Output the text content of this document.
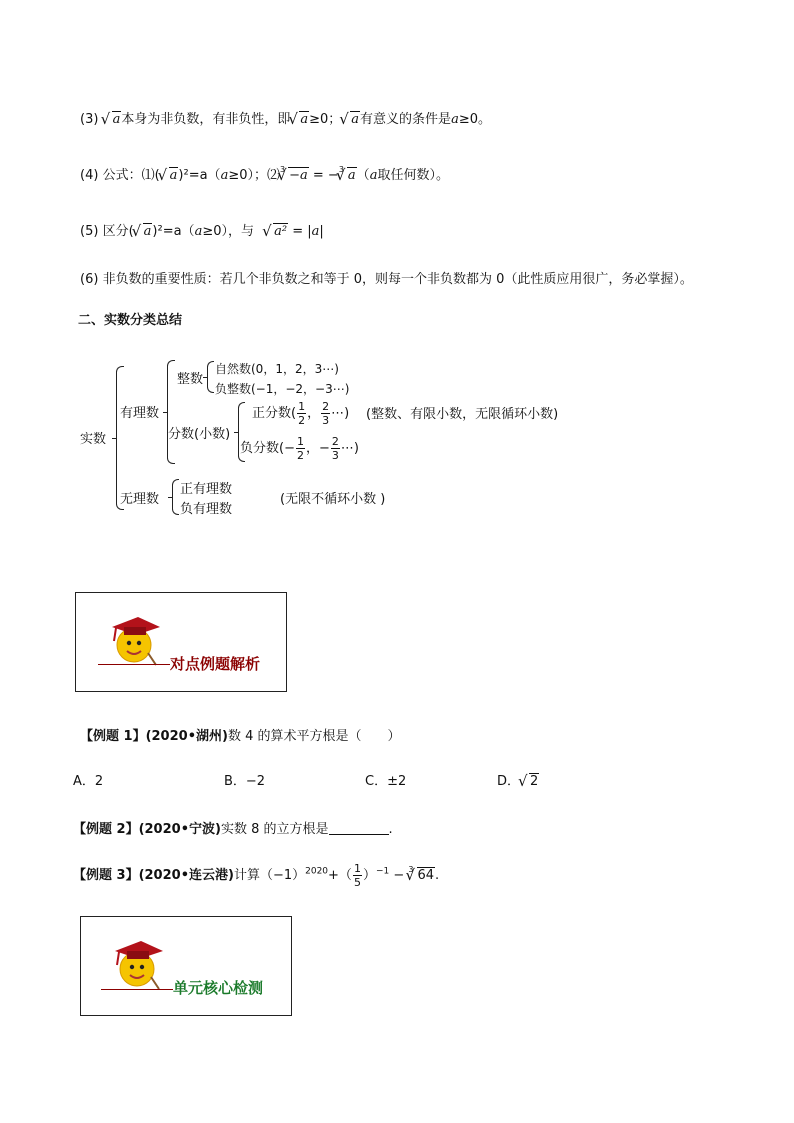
(3) √ a本身为非负数，有非负性，即√ a≥0；√ a有意义的条件是a≥0。
(4) 公式：⑴(√ a)²=a（a≥0）；⑵$^3$√ −a = −$^3$√ a（a取任何数）。
(5) 区分(√ a)²=a（a≥0），与 √ a² = |a|
(6) 非负数的重要性质：若几个非负数之和等于 0，则每一个非负数都为 0（此性质应用很广，务必掌握）。
二、实数分类总结
实数
有理数
整数
自然数(0，1，2，3⋯)
负整数(−1，−2，−3⋯)
分数(小数)
正分数( $\frac{1}{2}$ ， $\frac{2}{3}$ ⋯)
负分数(− $\frac{1}{2}$ ，− $\frac{2}{3}$ ⋯)
(整数、有限小数，无限循环小数)
无理数
正有理数
负有理数
(无限不循环小数 )
对点例题解析
【例题 1】(2020•湖州)数 4 的算术平方根是（　　）
A．2	B．−2	C．±2	D．√ 2
【例题 2】(2020•宁波)实数 8 的立方根是	.
【例题 3】(2020•连云港)计算$(-1)^{2020}+( \frac{1}{5} )^{-1} - ^3√$ 64.
单元核心检测
